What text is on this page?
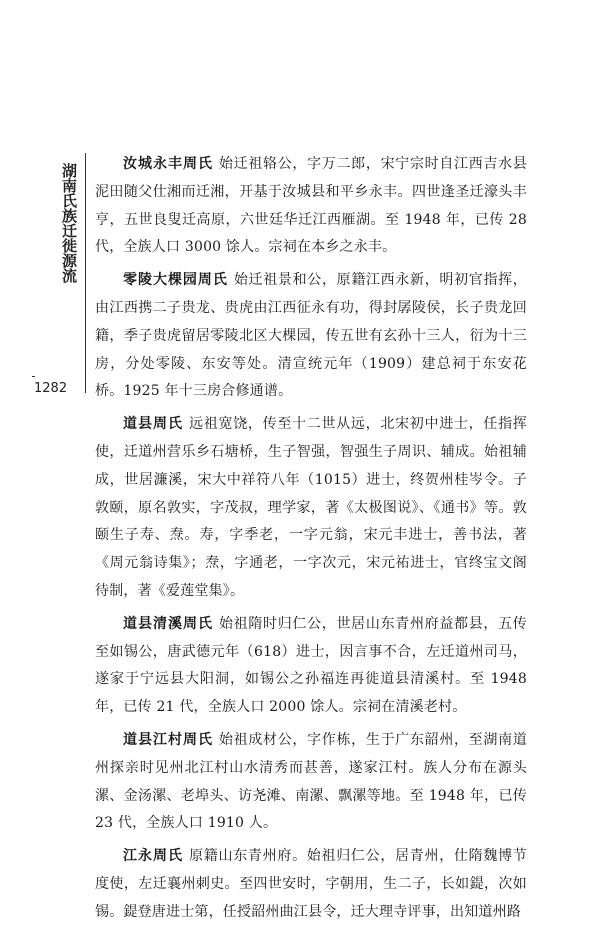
湖南氏族迁徙源流
1282

汝城永丰周氏 始迁祖辂公，字万二郎，宋宁宗时自江西吉水县泥田随父仕湘而迁湘，开基于汝城县和平乡永丰。四世逢圣迁濠头丰亨，五世良叟迁高原，六世廷华迁江西雁湖。至 1948 年，已传 28 代，全族人口 3000 馀人。宗祠在本乡之永丰。

零陵大棵园周氏 始迁祖景和公，原籍江西永新，明初官指挥，由江西携二子贵龙、贵虎由江西征永有功，得封孱陵侯，长子贵龙回籍，季子贵虎留居零陵北区大棵园，传五世有玄孙十三人，衍为十三房，分处零陵、东安等处。清宣统元年（1909）建总祠于东安花桥。1925 年十三房合修通谱。

道县周氏 远祖宽饶，传至十二世从远，北宋初中进士，任指挥使，迁道州营乐乡石塘桥，生子智强，智强生子周识、辅成。始祖辅成，世居濂溪，宋大中祥符八年（1015）进士，终贺州桂岑令。子敦颐，原名敦实，字茂叔，理学家，著《太极图说》、《通书》等。敦颐生子寿、焘。寿，字季老，一字元翁，宋元丰进士，善书法，著《周元翁诗集》；焘，字通老，一字次元，宋元祐进士，官终宝文阁待制，著《爱莲堂集》。

道县清溪周氏 始祖隋时归仁公，世居山东青州府益都县，五传至如锡公，唐武德元年（618）进士，因言事不合，左迁道州司马，遂家于宁远县大阳洞，如锡公之孙福连再徙道县清溪村。至 1948 年，已传 21 代，全族人口 2000 馀人。宗祠在清溪老村。

道县江村周氏 始祖成材公，字作栋，生于广东韶州，至湖南道州探亲时见州北江村山水清秀而甚善，遂家江村。族人分布在源头漯、金汤漯、老埠头、访尧滩、南漯、飘漯等地。至 1948 年，已传 23 代，全族人口 1910 人。

江永周氏 原籍山东青州府。始祖归仁公，居青州，仕隋魏博节度使，左迁襄州刺史。至四世安时，字朝用，生二子，长如鍉，次如锡。鍉登唐进士第，任授韶州曲江县令，迁大理寺评事，出知道州路
